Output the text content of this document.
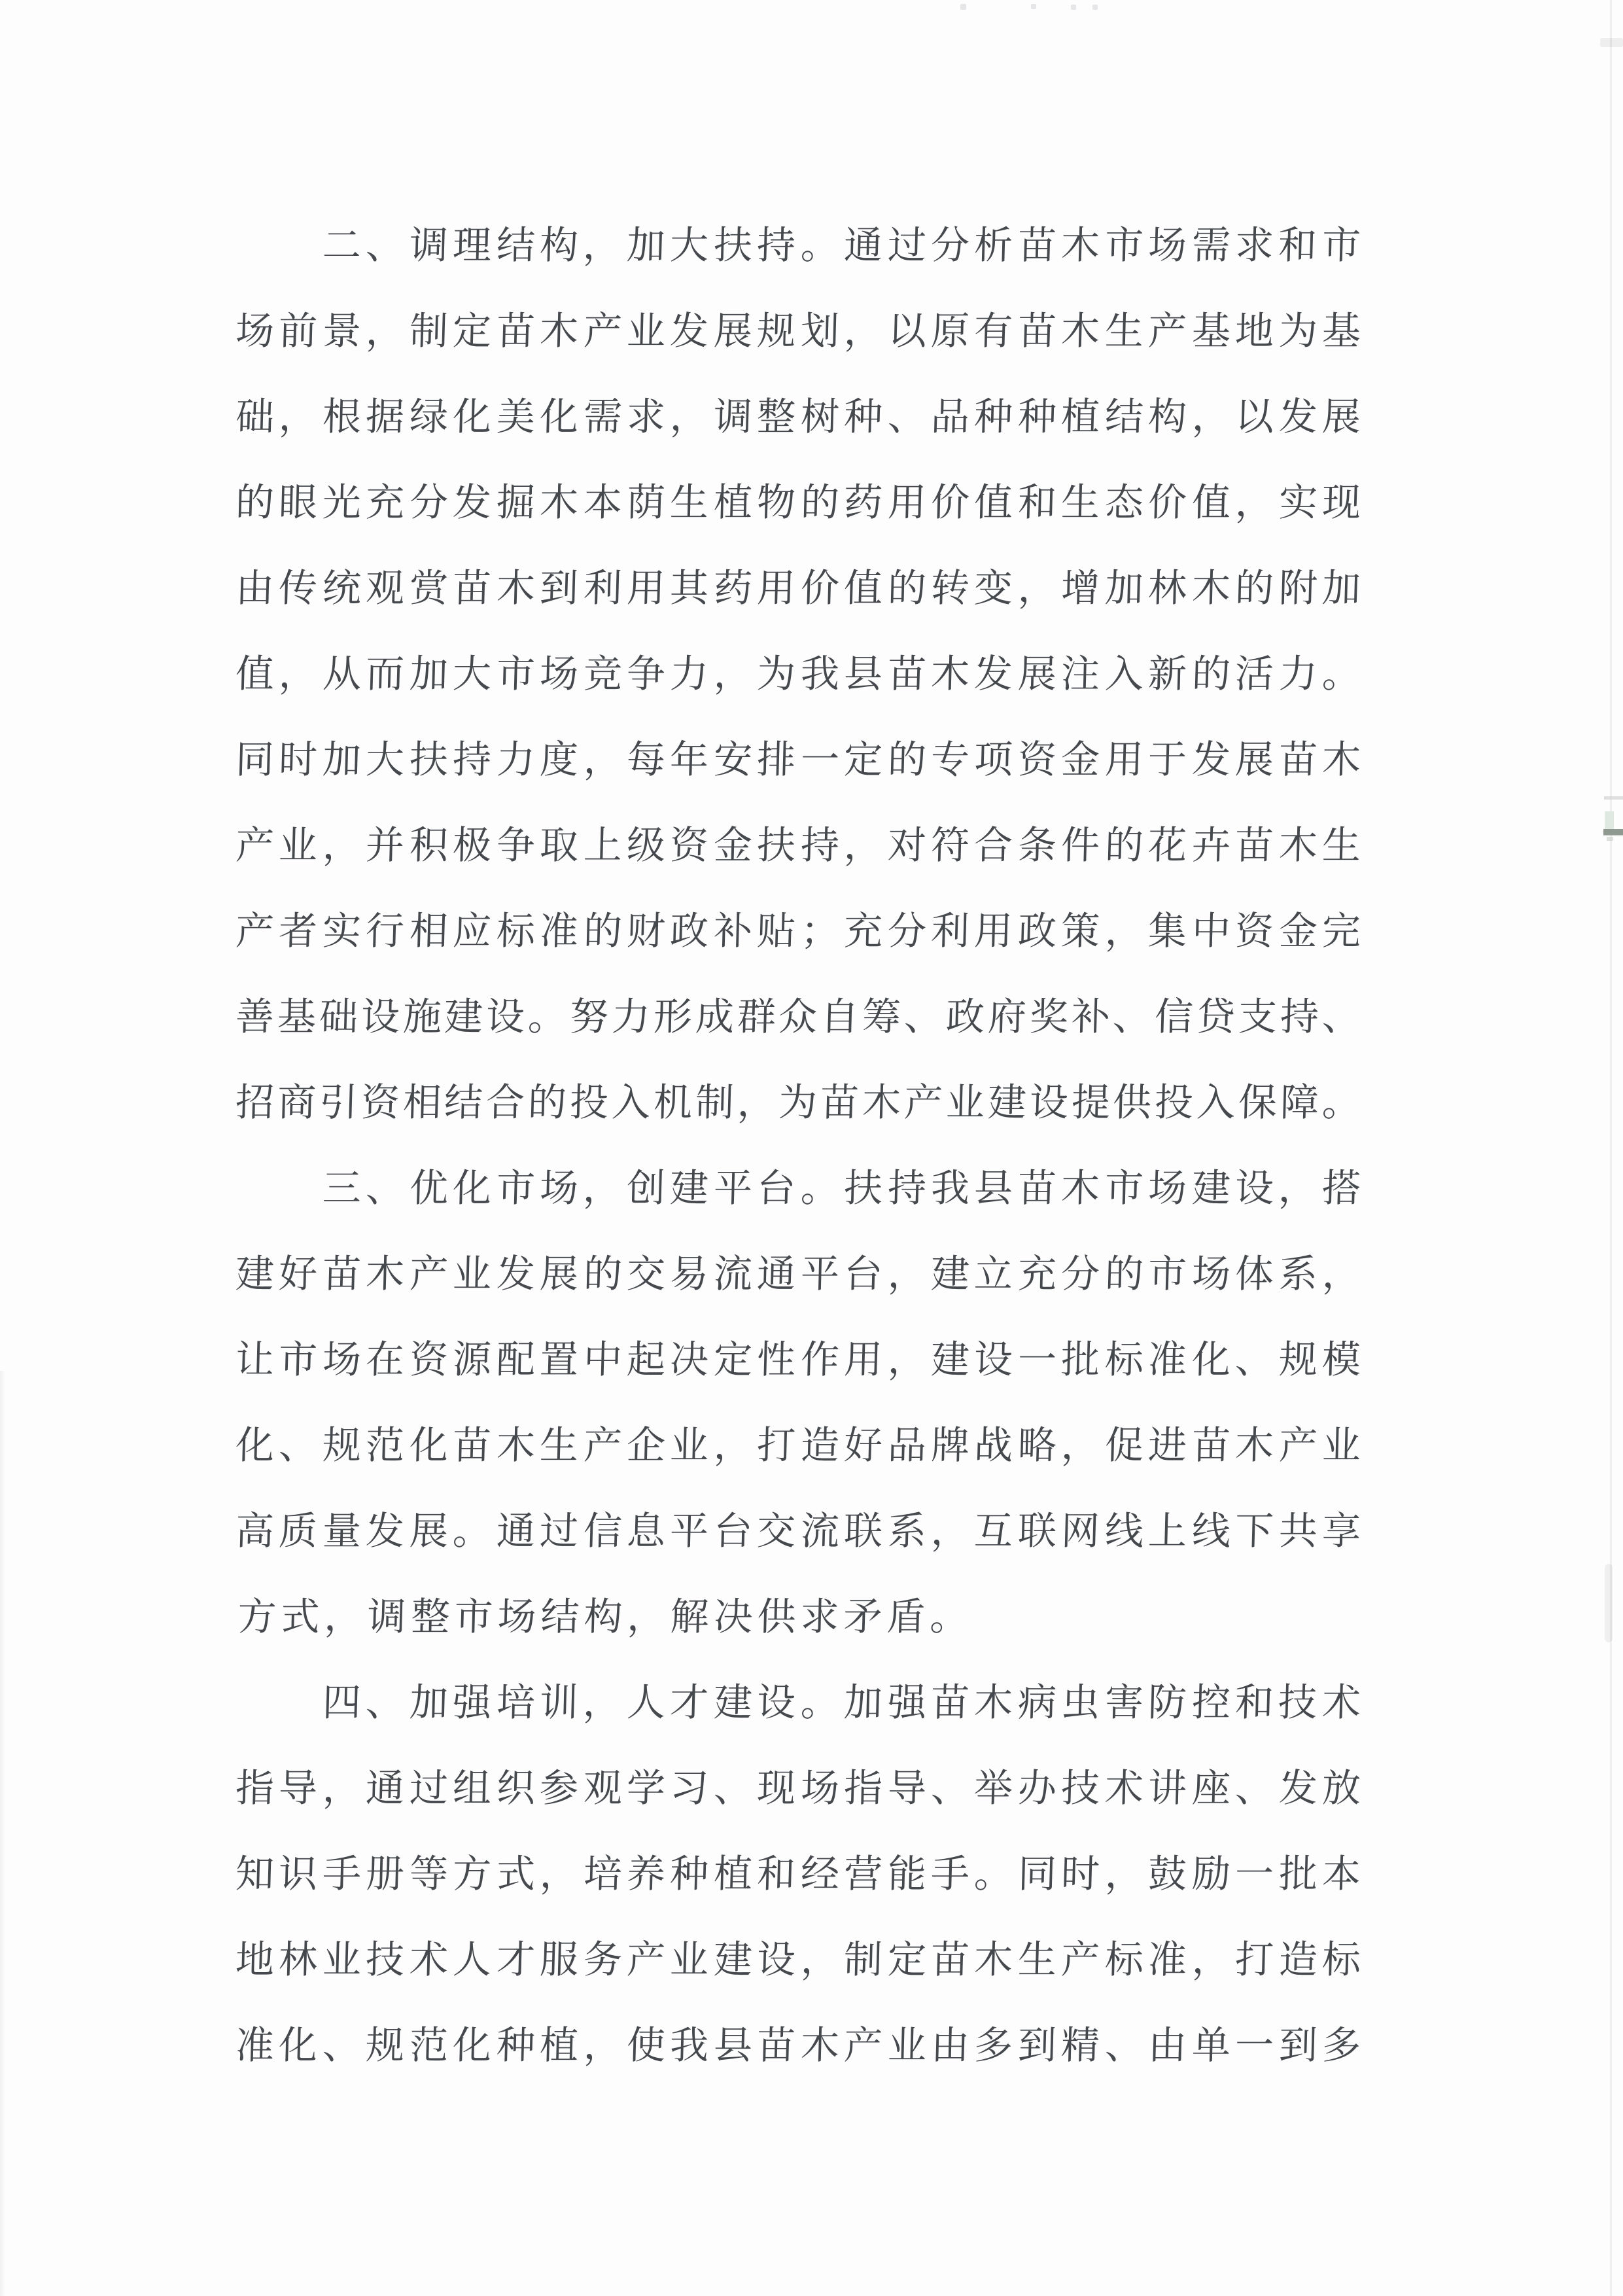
二 、 调 理 结 构 ， 加 大 扶 持 。 通 过 分 析 苗 木 市 场 需 求 和 市
场 前 景 ， 制 定 苗 木 产 业 发 展 规 划 ， 以 原 有 苗 木 生 产 基 地 为 基
础 ， 根 据 绿 化 美 化 需 求 ， 调 整 树 种 、 品 种 种 植 结 构 ， 以 发 展
的 眼 光 充 分 发 掘 木 本 荫 生 植 物 的 药 用 价 值 和 生 态 价 值 ， 实 现
由 传 统 观 赏 苗 木 到 利 用 其 药 用 价 值 的 转 变 ， 增 加 林 木 的 附 加
值 ， 从 而 加 大 市 场 竞 争 力 ， 为 我 县 苗 木 发 展 注 入 新 的 活 力 。
同 时 加 大 扶 持 力 度 ， 每 年 安 排 一 定 的 专 项 资 金 用 于 发 展 苗 木
产 业 ， 并 积 极 争 取 上 级 资 金 扶 持 ， 对 符 合 条 件 的 花 卉 苗 木 生
产 者 实 行 相 应 标 准 的 财 政 补 贴 ； 充 分 利 用 政 策 ， 集 中 资 金 完
善 基 础 设 施 建 设 。 努 力 形 成 群 众 自 筹 、 政 府 奖 补 、 信 贷 支 持 、
招 商 引 资 相 结 合 的 投 入 机 制 ， 为 苗 木 产 业 建 设 提 供 投 入 保 障 。

三 、 优 化 市 场 ， 创 建 平 台 。 扶 持 我 县 苗 木 市 场 建 设 ， 搭
建 好 苗 木 产 业 发 展 的 交 易 流 通 平 台 ， 建 立 充 分 的 市 场 体 系 ，
让 市 场 在 资 源 配 置 中 起 决 定 性 作 用 ， 建 设 一 批 标 准 化 、 规 模
化 、 规 范 化 苗 木 生 产 企 业 ， 打 造 好 品 牌 战 略 ， 促 进 苗 木 产 业
高 质 量 发 展 。 通 过 信 息 平 台 交 流 联 系 ， 互 联 网 线 上 线 下 共 享
方 式 ， 调 整 市 场 结 构 ， 解 决 供 求 矛 盾 。

四 、 加 强 培 训 ， 人 才 建 设 。 加 强 苗 木 病 虫 害 防 控 和 技 术
指 导 ， 通 过 组 织 参 观 学 习 、 现 场 指 导 、 举 办 技 术 讲 座 、 发 放
知 识 手 册 等 方 式 ， 培 养 种 植 和 经 营 能 手 。 同 时 ， 鼓 励 一 批 本
地 林 业 技 术 人 才 服 务 产 业 建 设 ， 制 定 苗 木 生 产 标 准 ， 打 造 标
准 化 、 规 范 化 种 植 ， 使 我 县 苗 木 产 业 由 多 到 精 、 由 单 一 到 多
